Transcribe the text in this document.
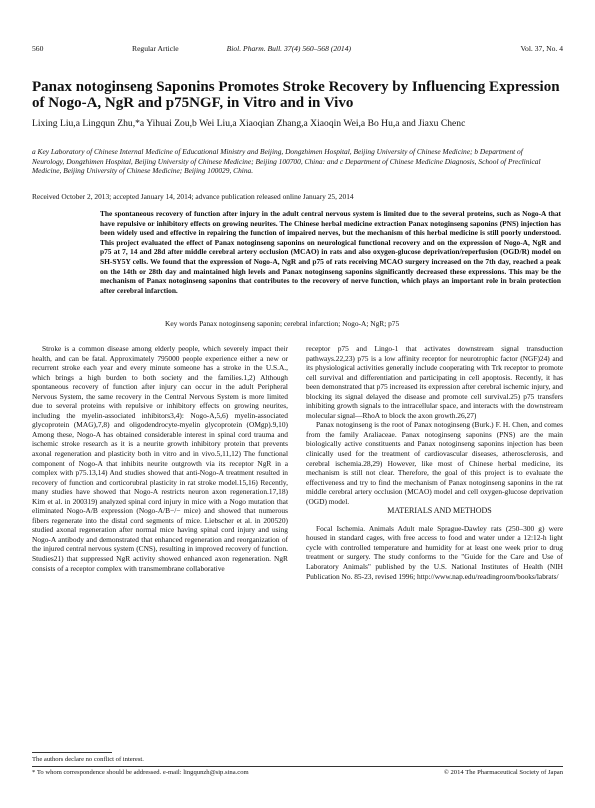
560	Regular Article	Biol. Pharm. Bull. 37(4) 560–568 (2014)	Vol. 37, No. 4
Panax notoginseng Saponins Promotes Stroke Recovery by Influencing Expression of Nogo-A, NgR and p75NGF, in Vitro and in Vivo
Lixing Liu,a Lingqun Zhu,*a Yihuai Zou,b Wei Liu,a Xiaoqian Zhang,a Xiaoqin Wei,a Bo Hu,a and Jiaxu Chenc

a Key Laboratory of Chinese Internal Medicine of Educational Ministry and Beijing, Dongzhimen Hospital, Beijing University of Chinese Medicine; b Department of Neurology, Dongzhimen Hospital, Beijing University of Chinese Medicine; Beijing 100700, China: and c Department of Chinese Medicine Diagnosis, School of Preclinical Medicine, Beijing University of Chinese Medicine; Beijing 100029, China.

Received October 2, 2013; accepted January 14, 2014; advance publication released online January 25, 2014
The spontaneous recovery of function after injury in the adult central nervous system is limited due to the several proteins, such as Nogo-A that have repulsive or inhibitory effects on growing neurites. The Chinese herbal medicine extraction Panax notoginseng saponins (PNS) injection has been widely used and effective in repairing the function of impaired nerves, but the mechanism of this herbal medicine is still poorly understood. This project evaluated the effect of Panax notoginseng saponins on neurological functional recovery and on the expression of Nogo-A, NgR and p75 at 7, 14 and 28d after middle cerebral artery occlusion (MCAO) in rats and also oxygen-glucose deprivation/reperfusion (OGD/R) model on SH-SY5Y cells. We found that the expression of Nogo-A, NgR and p75 of rats receiving MCAO surgery increased on the 7th day, reached a peak on the 14th or 28th day and maintained high levels and Panax notoginseng saponins significantly decreased these expressions. This may be the mechanism of Panax notoginseng saponins that contributes to the recovery of nerve function, which plays an important role in brain protection after cerebral infarction.
Key words Panax notoginseng saponin; cerebral infarction; Nogo-A; NgR; p75

Stroke is a common disease among elderly people, which severely impact their health, and can be fatal. Approximately 795000 people experience either a new or recurrent stroke each year and every minute someone has a stroke in the U.S.A., which brings a high burden to both society and the families.1,2) Although spontaneous recovery of function after injury can occur in the adult Peripheral Nervous System, the same recovery in the Central Nervous System is more limited due to several proteins with repulsive or inhibitory effects on growing neurites, including the myelin-associated inhibitors3,4): Nogo-A,5,6) myelin-associated glycoprotein (MAG),7,8) and oligodendrocyte-myelin glycoprotein (OMgp).9,10) Among these, Nogo-A has obtained considerable interest in spinal cord trauma and ischemic stroke research as it is a neurite growth inhibitory protein that prevents axonal regeneration and plasticity both in vitro and in vivo.5,11,12) The functional component of Nogo-A that inhibits neurite outgrowth via its receptor NgR in a complex with p75.13,14) And studies showed that anti-Nogo-A treatment resulted in recovery of function and corticorubral plasticity in rat stroke model.15,16) Recently, many studies have showed that Nogo-A restricts neuron axon regeneration.17,18) Kim et al. in 200319) analyzed spinal cord injury in mice with a Nogo mutation that eliminated Nogo-A/B expression (Nogo-A/B−/− mice) and showed that numerous fibers regenerate into the distal cord segments of mice. Liebscher et al. in 200520) studied axonal regeneration after normal mice having spinal cord injury and using Nogo-A antibody and demonstrated that enhanced regeneration and reorganization of the injured central nervous system (CNS), resulting in improved recovery of function. Studies21) that suppressed NgR activity showed enhanced axon regeneration. NgR consists of a receptor complex with transmembrane collaborative

receptor p75 and Lingo-1 that activates downstream signal transduction pathways.22,23) p75 is a low affinity receptor for neurotrophic factor (NGF)24) and its physiological activities generally include cooperating with Trk receptor to promote cell survival and differentiation and participating in cell apoptosis. Recently, it has been demonstrated that p75 increased its expression after cerebral ischemic injury, and blocking its signal delayed the disease and promote cell survival.25) p75 transfers inhibiting growth signals to the intracellular space, and interacts with the downstream molecular signal—RhoA to block the axon growth.26,27)

Panax notoginseng is the root of Panax notoginseng (Burk.) F. H. Chen, and comes from the family Araliaceae. Panax notoginseng saponins (PNS) are the main biologically active constituents and Panax notoginseng saponins injection has been clinically used for the treatment of cardiovascular diseases, atherosclerosis, and cerebral ischemia.28,29) However, like most of Chinese herbal medicine, its mechanism is still not clear. Therefore, the goal of this project is to evaluate the effectiveness and try to find the mechanism of Panax notoginseng saponins in the rat middle cerebral artery occlusion (MCAO) model and cell oxygen-glucose deprivation (OGD) model.

MATERIALS AND METHODS

Focal Ischemia. Animals Adult male Sprague-Dawley rats (250–300 g) were housed in standard cages, with free access to food and water under a 12:12-h light cycle with controlled temperature and humidity for at least one week prior to drug treatment or surgery. The study conforms to the "Guide for the Care and Use of Laboratory Animals" published by the U.S. National Institutes of Health (NIH Publication No. 85-23, revised 1996; http://www.nap.edu/readingroom/books/labrats/

The authors declare no conflict of interest.
* To whom correspondence should be addressed. e-mail: lingqunzh@sip.sina.com	© 2014 The Pharmaceutical Society of Japan
